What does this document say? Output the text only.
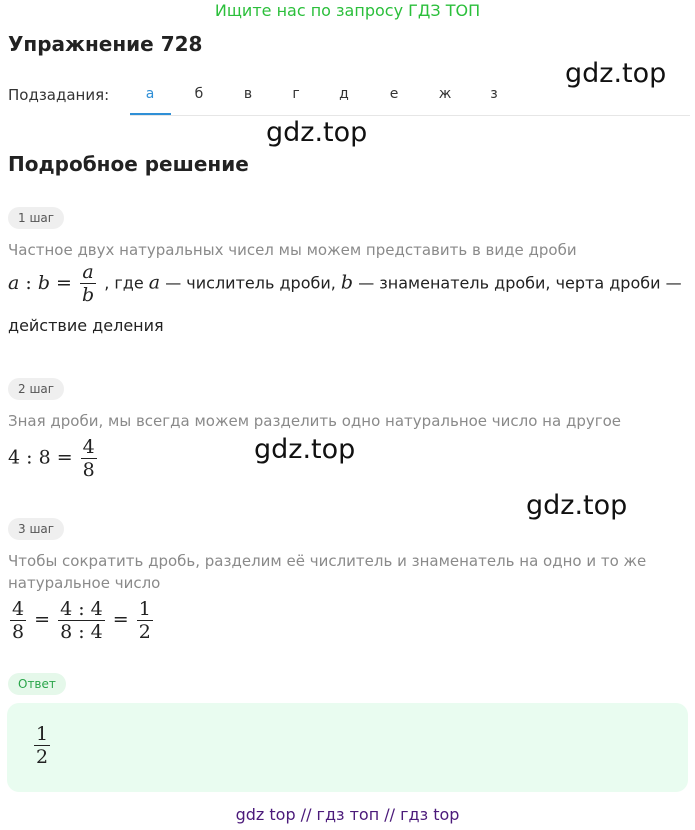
Ищите нас по запросу ГДЗ ТОП
Упражнение 728
gdz.top
gdz.top
gdz.top
gdz.top
Подзадания:	а	б	в	г	д	е	ж	з
Подробное решение
1 шаг
Частное двух натуральных чисел мы можем представить в виде дроби
a : $b = \frac{a}{b}$ , где a — числитель дроби, b — знаменатель дроби, черта дроби —
действие деления
2 шаг
Зная дроби, мы всегда можем разделить одно натуральное число на другое
4 : $8 = \frac{4}{8}$
3 шаг
Чтобы сократить дробь, разделим её числитель и знаменатель на одно и то же
натуральное число
$\frac{4}{8} = \frac{4 : 4}{8 : 4} = \frac{1}{2}$
Ответ
$\frac{1}{2}$
gdz top // гдз топ // гдз top
